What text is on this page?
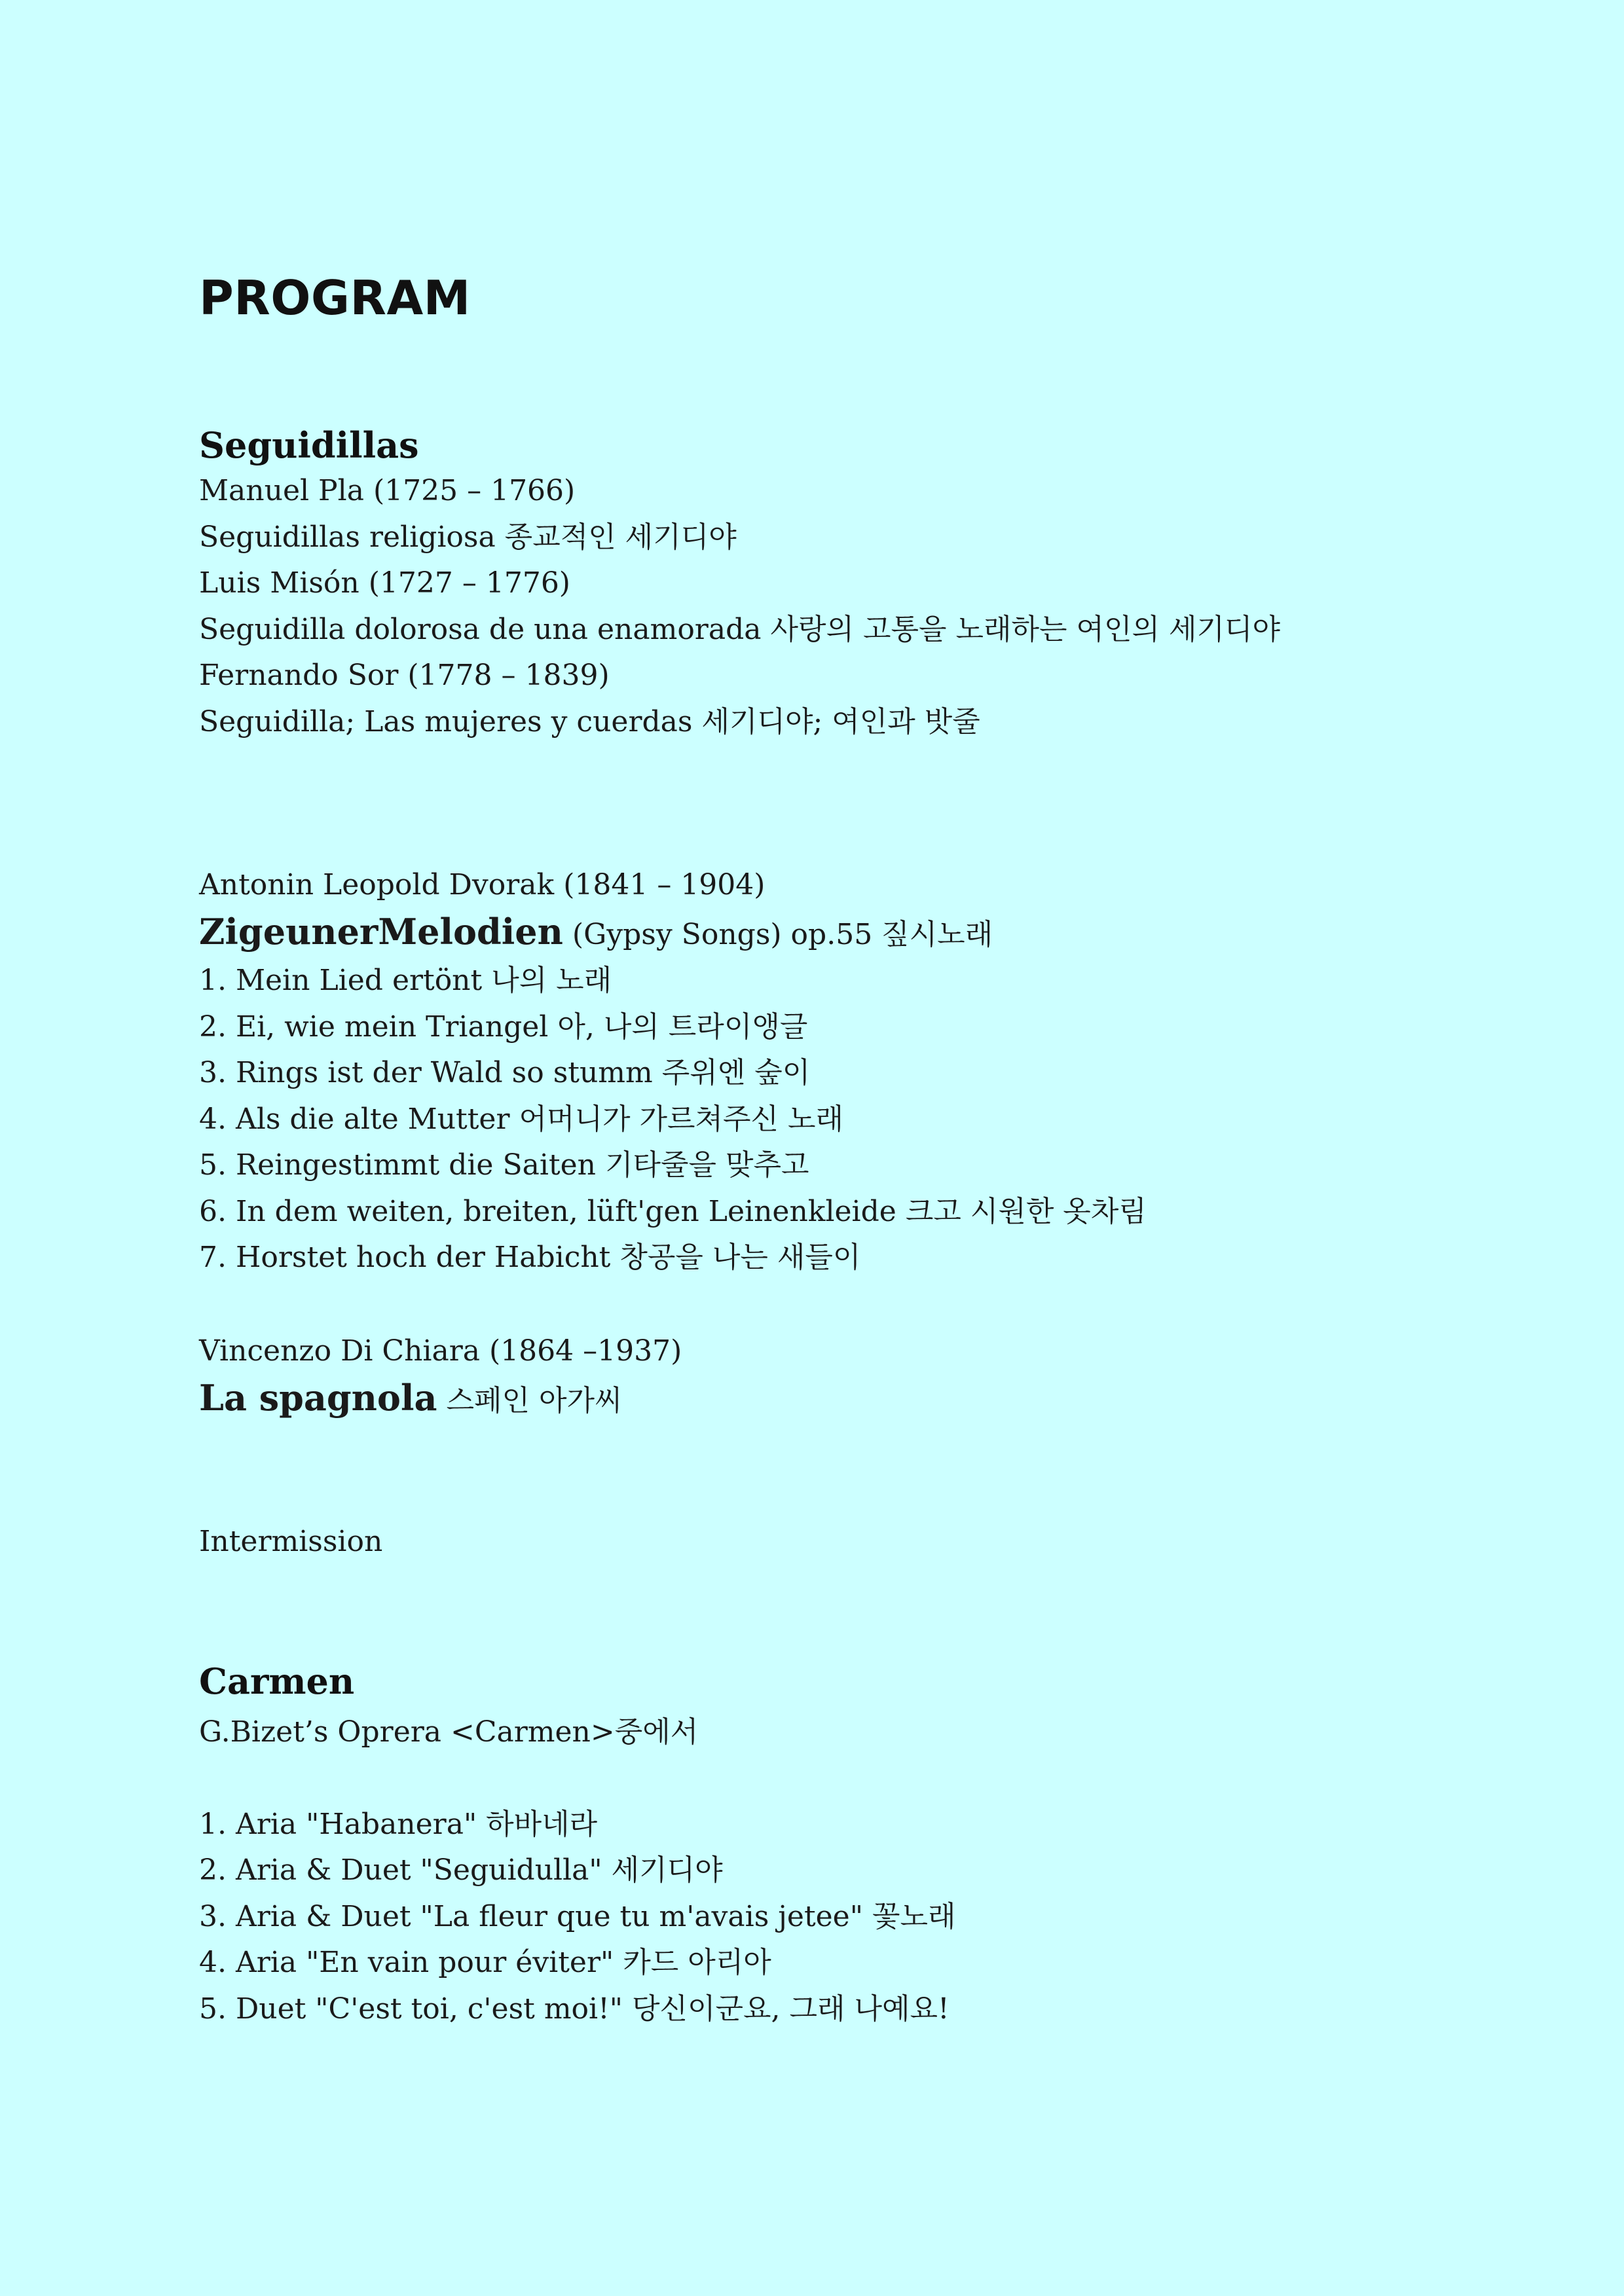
PROGRAM
Seguidillas
Manuel Pla (1725 – 1766)
Seguidillas religiosa 종교적인 세기디야
Luis Misón (1727 – 1776)
Seguidilla dolorosa de una enamorada 사랑의 고통을 노래하는 여인의 세기디야
Fernando Sor (1778 – 1839)
Seguidilla; Las mujeres y cuerdas 세기디야; 여인과 밧줄
Antonin Leopold Dvorak (1841 – 1904)
ZigeunerMelodien (Gypsy Songs) op.55 짚시노래
1. Mein Lied ertönt 나의 노래
2. Ei, wie mein Triangel 아, 나의 트라이앵글
3. Rings ist der Wald so stumm 주위엔 숲이
4. Als die alte Mutter 어머니가 가르쳐주신 노래
5. Reingestimmt die Saiten 기타줄을 맞추고
6. In dem weiten, breiten, lüft'gen Leinenkleide 크고 시원한 옷차림
7. Horstet hoch der Habicht 창공을 나는 새들이
Vincenzo Di Chiara (1864 –1937)
La spagnola 스페인 아가씨
Intermission
Carmen
G.Bizet’s Oprera <Carmen>중에서
1. Aria "Habanera" 하바네라
2. Aria & Duet "Seguidulla" 세기디야
3. Aria & Duet "La fleur que tu m'avais jetee" 꽃노래
4. Aria "En vain pour éviter" 카드 아리아
5. Duet "C'est toi, c'est moi!" 당신이군요, 그래 나예요!
